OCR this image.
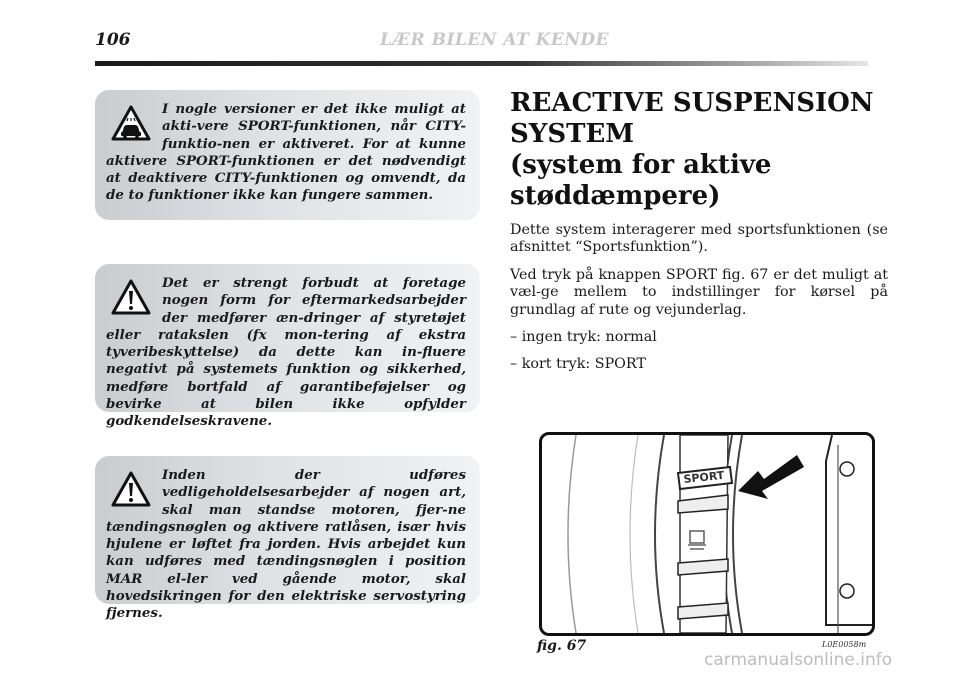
106	LÆR BILEN AT KENDE

I nogle versioner er det ikke muligt at akti-vere SPORT-funktionen, når CITY-funktio-nen er aktiveret. For at kunne aktivere SPORT-funktionen er det nødvendigt at deaktivere CITY-funktionen og omvendt, da de to funktioner ikke kan fungere sammen.

Det er strengt forbudt at foretage nogen form for eftermarkedsarbejder der medfører æn-dringer af styretøjet eller ratakslen (fx mon-tering af ekstra tyveribeskyttelse) da dette kan in-fluere negativt på systemets funktion og sikkerhed, medføre bortfald af garantibeføjelser og bevirke at bilen ikke opfylder godkendelseskravene.

Inden der udføres vedligeholdelsesarbejder af nogen art, skal man standse motoren, fjer-ne tændingsnøglen og aktivere ratlåsen, især hvis hjulene er løftet fra jorden. Hvis arbejdet kun kan udføres med tændingsnøglen i position MAR el-ler ved gående motor, skal hovedsikringen for den elektriske servostyring fjernes.

REACTIVE SUSPENSION
SYSTEM
(system for aktive
støddæmpere)

Dette system interagerer med sportsfunktionen (se afsnittet “Sportsfunktion”).

Ved tryk på knappen SPORT fig. 67 er det muligt at væl-ge mellem to indstillinger for kørsel på grundlag af rute og vejunderlag.

– ingen tryk: normal

– kort tryk: SPORT

SPORT
fig. 67	L0E0058m
carmanualsonline.info
